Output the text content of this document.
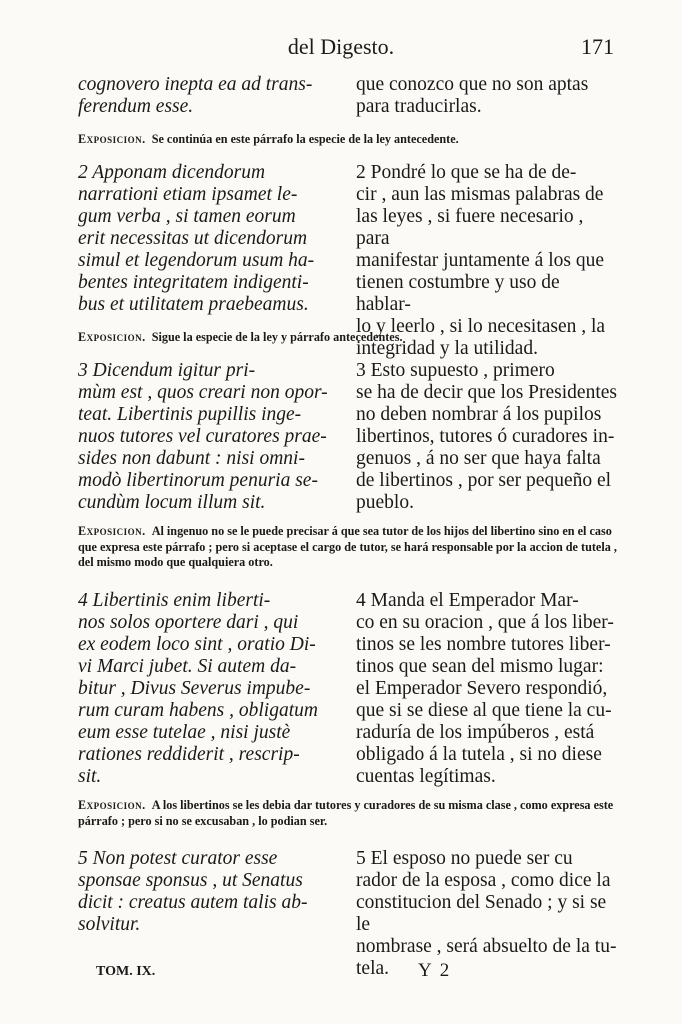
del Digesto.	171
cognovero inepta ea ad trans-
ferendum esse.
que conozco que no son aptas
para traducirlas.
Exposicion. Se continúa en este párrafo la especie de la ley antecedente.
2 Apponam dicendorum
narrationi etiam ipsamet le-
gum verba , si tamen eorum
erit necessitas ut dicendorum
simul et legendorum usum ha-
bentes integritatem indigenti-
bus et utilitatem praebeamus.
2 Pondré lo que se ha de de-
cir , aun las mismas palabras de
las leyes , si fuere necesario , para
manifestar juntamente á los que
tienen costumbre y uso de hablar-
lo y leerlo , si lo necesitasen , la
integridad y la utilidad.
Exposicion. Sigue la especie de la ley y párrafo antecedentes.
3 Dicendum igitur pri-
mùm est , quos creari non opor-
teat. Libertinis pupillis inge-
nuos tutores vel curatores prae-
sides non dabunt : nisi omni-
modò libertinorum penuria se-
cundùm locum illum sit.
3 Esto supuesto , primero
se ha de decir que los Presidentes
no deben nombrar á los pupilos
libertinos, tutores ó curadores in-
genuos , á no ser que haya falta
de libertinos , por ser pequeño el
pueblo.
Exposicion. Al ingenuo no se le puede precisar á que sea tutor de los hijos del libertino sino en el caso que expresa este párrafo ; pero si aceptase el cargo de tutor, se hará responsable por la accion de tutela , del mismo modo que qualquiera otro.
4 Libertinis enim liberti-
nos solos oportere dari , qui
ex eodem loco sint , oratio Di-
vi Marci jubet. Si autem da-
bitur , Divus Severus impube-
rum curam habens , obligatum
eum esse tutelae , nisi justè
rationes reddiderit , rescrip-
sit.
4 Manda el Emperador Mar-
co en su oracion , que á los liber-
tinos se les nombre tutores liber-
tinos que sean del mismo lugar:
el Emperador Severo respondió,
que si se diese al que tiene la cu-
raduría de los impúberos , está
obligado á la tutela , si no diese
cuentas legítimas.
Exposicion. A los libertinos se les debia dar tutores y curadores de su misma clase , como expresa este párrafo ; pero si no se excusaban , lo podian ser.
5 Non potest curator esse
sponsae sponsus , ut Senatus
dicit : creatus autem talis ab-
solvitur.
5 El esposo no puede ser cu
rador de la esposa , como dice la
constitucion del Senado ; y si se le
nombrase , será absuelto de la tu-
tela.
TOM. IX.	Y 2
